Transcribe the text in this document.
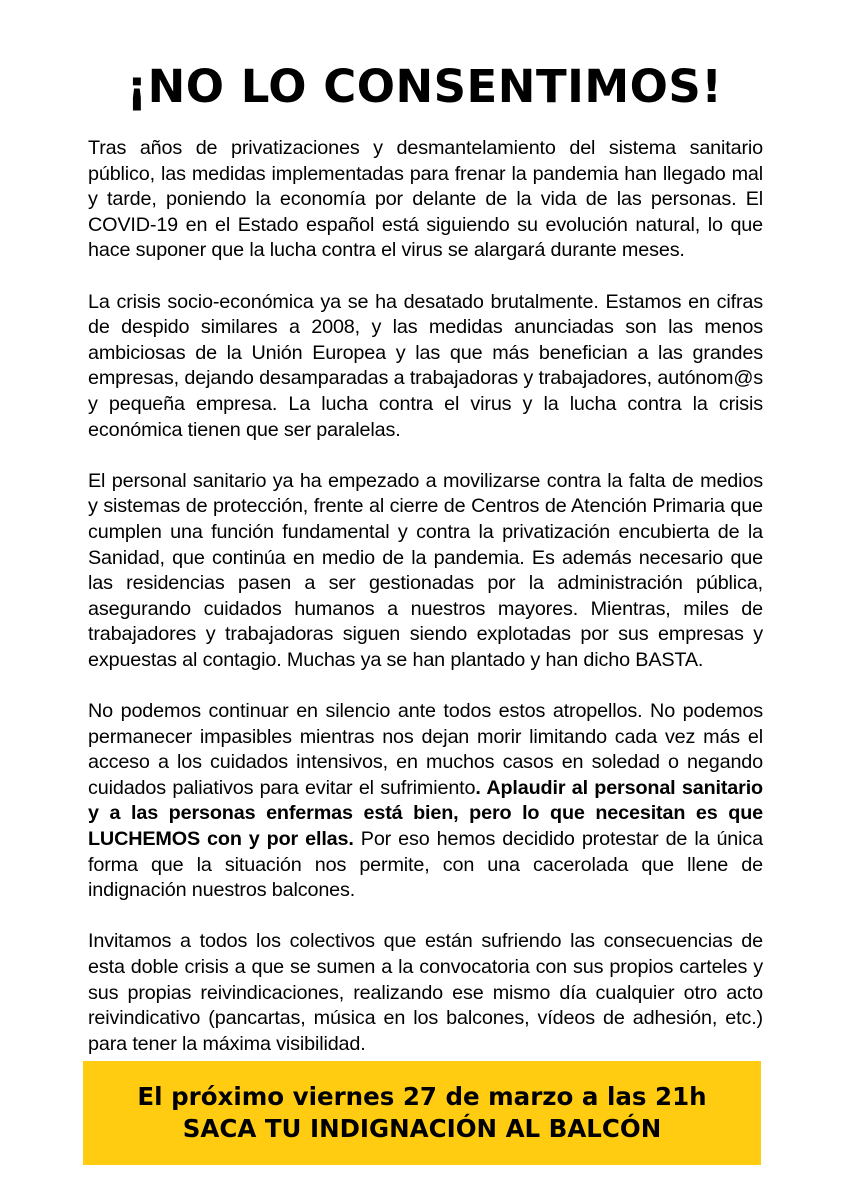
¡NO LO CONSENTIMOS!

Tras años de privatizaciones y desmantelamiento del sistema sanitario público, las medidas implementadas para frenar la pandemia han llegado mal y tarde, poniendo la economía por delante de la vida de las personas. El COVID-19 en el Estado español está siguiendo su evolución natural, lo que hace suponer que la lucha contra el virus se alargará durante meses.

La crisis socio-económica ya se ha desatado brutalmente. Estamos en cifras de despido similares a 2008, y las medidas anunciadas son las menos ambiciosas de la Unión Europea y las que más benefician a las grandes empresas, dejando desamparadas a trabajadoras y trabajadores, autónom@s y pequeña empresa. La lucha contra el virus y la lucha contra la crisis económica tienen que ser paralelas.

El personal sanitario ya ha empezado a movilizarse contra la falta de medios y sistemas de protección, frente al cierre de Centros de Atención Primaria que cumplen una función fundamental y contra la privatización encubierta de la Sanidad, que continúa en medio de la pandemia. Es además necesario que las residencias pasen a ser gestionadas por la administración pública, asegurando cuidados humanos a nuestros mayores. Mientras, miles de trabajadores y trabajadoras siguen siendo explotadas por sus empresas y expuestas al contagio. Muchas ya se han plantado y han dicho BASTA.

No podemos continuar en silencio ante todos estos atropellos. No podemos permanecer impasibles mientras nos dejan morir limitando cada vez más el acceso a los cuidados intensivos, en muchos casos en soledad o negando cuidados paliativos para evitar el sufrimiento. Aplaudir al personal sanitario y a las personas enfermas está bien, pero lo que necesitan es que LUCHEMOS con y por ellas. Por eso hemos decidido protestar de la única forma que la situación nos permite, con una cacerolada que llene de indignación nuestros balcones.

Invitamos a todos los colectivos que están sufriendo las consecuencias de esta doble crisis a que se sumen a la convocatoria con sus propios carteles y sus propias reivindicaciones, realizando ese mismo día cualquier otro acto reivindicativo (pancartas, música en los balcones, vídeos de adhesión, etc.) para tener la máxima visibilidad.

El próximo viernes 27 de marzo a las 21h
SACA TU INDIGNACIÓN AL BALCÓN
